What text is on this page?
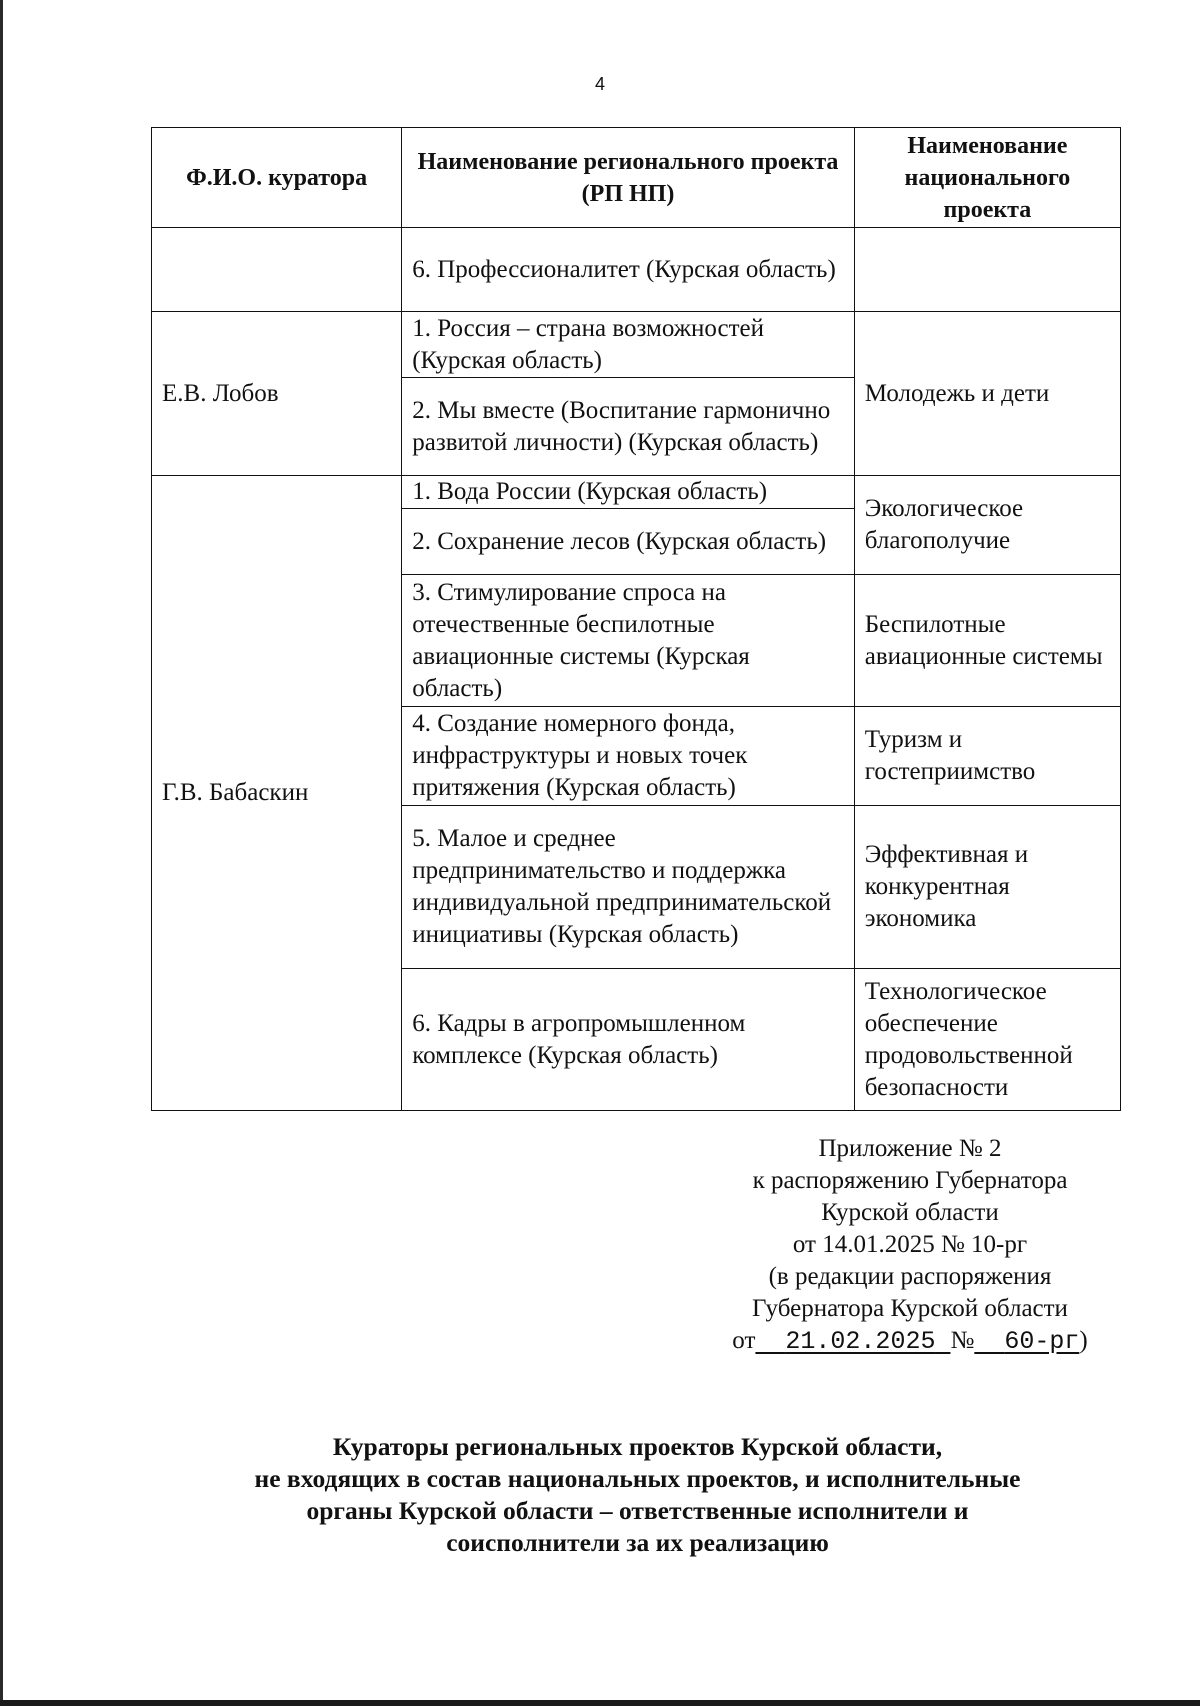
4
Ф.И.О. куратора	Наименование регионального проекта (РП НП)	Наименование национального проекта
	6. Профессионалитет (Курская область)	
Е.В. Лобов	1. Россия – страна возможностей (Курская область)	Молодежь и дети
	2. Мы вместе (Воспитание гармонично развитой личности) (Курская область)	
Г.В. Бабаскин	1. Вода России (Курская область)	Экологическое благополучие
	2. Сохранение лесов (Курская область)	
	3. Стимулирование спроса на отечественные беспилотные авиационные системы (Курская область)	Беспилотные авиационные системы
	4. Создание номерного фонда, инфраструктуры и новых точек притяжения (Курская область)	Туризм и гостеприимство
	5. Малое и среднее предпринимательство и поддержка индивидуальной предпринимательской инициативы (Курская область)	Эффективная и конкурентная экономика
	6. Кадры в агропромышленном комплексе (Курская область)	Технологическое обеспечение продовольственной безопасности
Приложение № 2
к распоряжению Губернатора
Курской области
от 14.01.2025 № 10-рг
(в редакции распоряжения
Губернатора Курской области
от 21.02.2025 № 60-рг)
Кураторы региональных проектов Курской области,
не входящих в состав национальных проектов, и исполнительные
органы Курской области – ответственные исполнители и
соисполнители за их реализацию
